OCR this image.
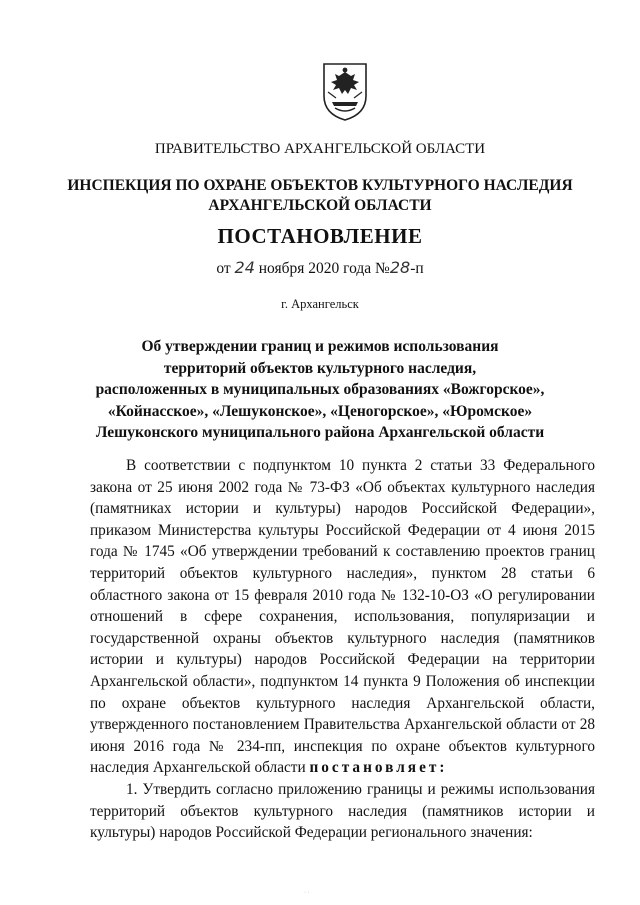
ПРАВИТЕЛЬСТВО АРХАНГЕЛЬСКОЙ ОБЛАСТИ
ИНСПЕКЦИЯ ПО ОХРАНЕ ОБЪЕКТОВ КУЛЬТУРНОГО НАСЛЕДИЯ
АРХАНГЕЛЬСКОЙ ОБЛАСТИ
ПОСТАНОВЛЕНИЕ
от 24 ноября 2020 года №28-п
г. Архангельск
Об утверждении границ и режимов использования
территорий объектов культурного наследия,
расположенных в муниципальных образованиях «Вожгорское»,
«Койнасское», «Лешуконское», «Ценогорское», «Юромское»
Лешуконского муниципального района Архангельской области

В соответствии с подпунктом 10 пункта 2 статьи 33 Федерального закона от 25 июня 2002 года № 73-ФЗ «Об объектах культурного наследия (памятниках истории и культуры) народов Российской Федерации», приказом Министерства культуры Российской Федерации от 4 июня 2015 года № 1745 «Об утверждении требований к составлению проектов границ территорий объектов культурного наследия», пунктом 28 статьи 6 областного закона от 15 февраля 2010 года № 132-10-ОЗ «О регулировании отношений в сфере сохранения, использования, популяризации и государственной охраны объектов культурного наследия (памятников истории и культуры) народов Российской Федерации на территории Архангельской области», подпунктом 14 пункта 9 Положения об инспекции по охране объектов культурного наследия Архангельской области, утвержденного постановлением Правительства Архангельской области от 28 июня 2016 года № 234-пп, инспекция по охране объектов культурного наследия Архангельской области постановляет:

1. Утвердить согласно приложению границы и режимы использования территорий объектов культурного наследия (памятников истории и культуры) народов Российской Федерации регионального значения:

· ·
